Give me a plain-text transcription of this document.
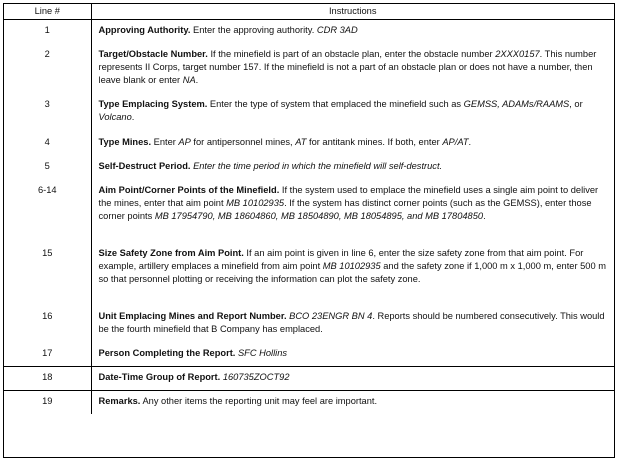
Line #	Instructions
1	Approving Authority. Enter the approving authority. CDR 3AD
2	Target/Obstacle Number. If the minefield is part of an obstacle plan, enter the obstacle number 2XXX0157. This number represents II Corps, target number 157. If the minefield is not a part of an obstacle plan or does not have a number, then leave blank or enter NA.
3	Type Emplacing System. Enter the type of system that emplaced the minefield such as GEMSS, ADAMs/RAAMS, or Volcano.
4	Type Mines. Enter AP for antipersonnel mines, AT for antitank mines. If both, enter AP/AT.
5	Self-Destruct Period. Enter the time period in which the minefield will self-destruct.
6-14	Aim Point/Corner Points of the Minefield. If the system used to emplace the minefield uses a single aim point to deliver the mines, enter that aim point MB 10102935. If the system has distinct corner points (such as the GEMSS), enter those corner points MB 17954790, MB 18604860, MB 18504890, MB 18054895, and MB 17804850.
15	Size Safety Zone from Aim Point. If an aim point is given in line 6, enter the size safety zone from that aim point. For example, artillery emplaces a minefield from aim point MB 10102935 and the safety zone if 1,000 m x 1,000 m, enter 500 m so that personnel plotting or receiving the information can plot the safety zone.
16	Unit Emplacing Mines and Report Number. BCO 23ENGR BN 4. Reports should be numbered consecutively. This would be the fourth minefield that B Company has emplaced.
17	Person Completing the Report. SFC Hollins
18	Date-Time Group of Report. 160735ZOCT92
19	Remarks. Any other items the reporting unit may feel are important.
